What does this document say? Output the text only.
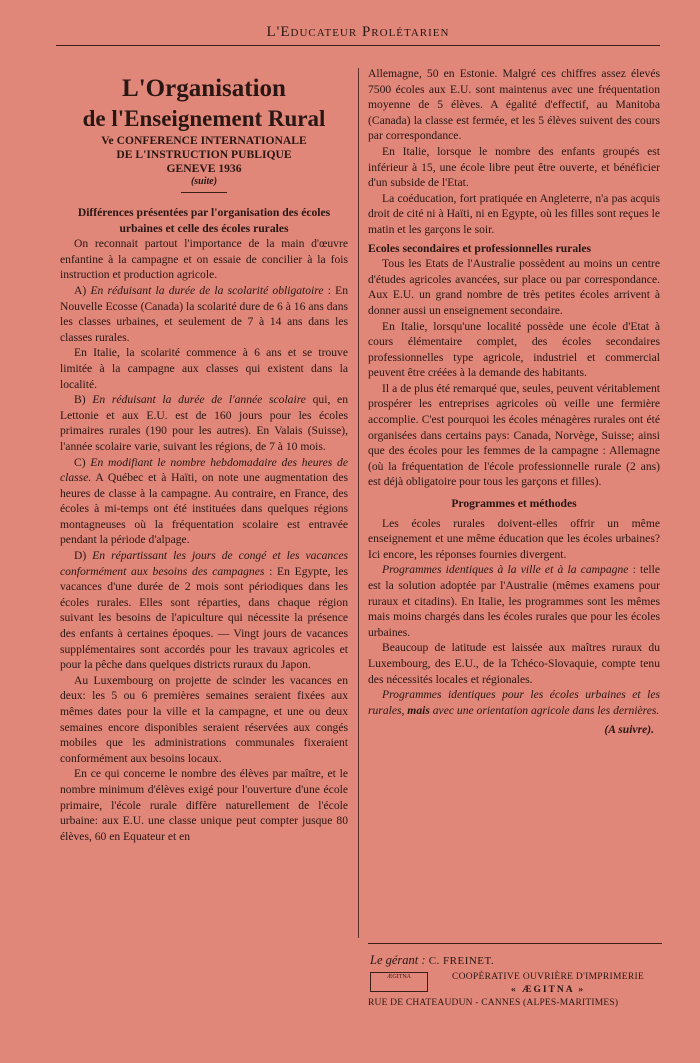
L'Educateur Prolétarien

L'Organisation

de l'Enseignement Rural

Ve CONFERENCE INTERNATIONALE

DE L'INSTRUCTION PUBLIQUE

GENEVE 1936

(suite)

Différences présentées par l'organisation des écoles urbaines et celle des écoles rurales

On reconnait partout l'importance de la main d'œuvre enfantine à la campagne et on essaie de concilier à la fois instruction et production agricole.

A) En réduisant la durée de la scolarité obligatoire : En Nouvelle Ecosse (Canada) la scolarité dure de 6 à 16 ans dans les classes urbaines, et seulement de 7 à 14 ans dans les classes rurales.

En Italie, la scolarité commence à 6 ans et se trouve limitée à la campagne aux classes qui existent dans la localité.

B) En réduisant la durée de l'année scolaire qui, en Lettonie et aux E.U. est de 160 jours pour les écoles primaires rurales (190 pour les autres). En Valais (Suisse), l'année scolaire varie, suivant les régions, de 7 à 10 mois.

C) En modifiant le nombre hebdomadaire des heures de classe. A Québec et à Haïti, on note une augmentation des heures de classe à la campagne. Au contraire, en France, des écoles à mi-temps ont été instituées dans quelques régions montagneuses où la fréquentation scolaire est entravée pendant la période d'alpage.

D) En répartissant les jours de congé et les vacances conformément aux besoins des campagnes : En Egypte, les vacances d'une durée de 2 mois sont périodiques dans les écoles rurales. Elles sont réparties, dans chaque région suivant les besoins de l'apiculture qui nécessite la présence des enfants à certaines époques. — Vingt jours de vacances supplémentaires sont accordés pour les travaux agricoles et pour la pêche dans quelques districts ruraux du Japon.

Au Luxembourg on projette de scinder les vacances en deux: les 5 ou 6 premières semaines seraient fixées aux mêmes dates pour la ville et la campagne, et une ou deux semaines encore disponibles seraient réservées aux congés mobiles que les administrations communales fixeraient conformément aux besoins locaux.

En ce qui concerne le nombre des élèves par maître, et le nombre minimum d'élèves exigé pour l'ouverture d'une école primaire, l'école rurale diffère naturellement de l'école urbaine: aux E.U. une classe unique peut compter jusque 80 élèves, 60 en Equateur et en

Allemagne, 50 en Estonie. Malgré ces chiffres assez élevés 7500 écoles aux E.U. sont maintenus avec une fréquentation moyenne de 5 élèves. A égalité d'effectif, au Manitoba (Canada) la classe est fermée, et les 5 élèves suivent des cours par correspondance.

En Italie, lorsque le nombre des enfants groupés est inférieur à 15, une école libre peut être ouverte, et bénéficier d'un subside de l'Etat.

La coéducation, fort pratiquée en Angleterre, n'a pas acquis droit de cité ni à Haïti, ni en Egypte, où les filles sont reçues le matin et les garçons le soir.

Ecoles secondaires et professionnelles rurales

Tous les Etats de l'Australie possèdent au moins un centre d'études agricoles avancées, sur place ou par correspondance. Aux E.U. un grand nombre de très petites écoles arrivent à donner aussi un enseignement secondaire.

En Italie, lorsqu'une localité possède une école d'Etat à cours élémentaire complet, des écoles secondaires professionnelles type agricole, industriel et commercial peuvent être créées à la demande des habitants.

Il a de plus été remarqué que, seules, peuvent véritablement prospérer les entreprises agricoles où veille une fermière accomplie. C'est pourquoi les écoles ménagères rurales ont été organisées dans certains pays: Canada, Norvège, Suisse; ainsi que des écoles pour les femmes de la campagne : Allemagne (où la fréquentation de l'école professionnelle rurale (2 ans) est déjà obligatoire pour tous les garçons et filles).

Programmes et méthodes

Les écoles rurales doivent-elles offrir un même enseignement et une même éducation que les écoles urbaines? Ici encore, les réponses fournies divergent.

Programmes identiques à la ville et à la campagne : telle est la solution adoptée par l'Australie (mêmes examens pour ruraux et citadins). En Italie, les programmes sont les mêmes mais moins chargés dans les écoles rurales que pour les écoles urbaines.

Beaucoup de latitude est laissée aux maîtres ruraux du Luxembourg, des E.U., de la Tchéco-Slovaquie, compte tenu des nécessités locales et régionales.

Programmes identiques pour les écoles urbaines et les rurales, mais avec une orientation agricole dans les dernières.

(A suivre).

Le gérant : C. FREINET.
ÆGITNA	COOPÉRATIVE OUVRIÈRE D'IMPRIMERIE
« ÆGITNA »
RUE DE CHATEAUDUN - CANNES (ALPES-MARITIMES)
